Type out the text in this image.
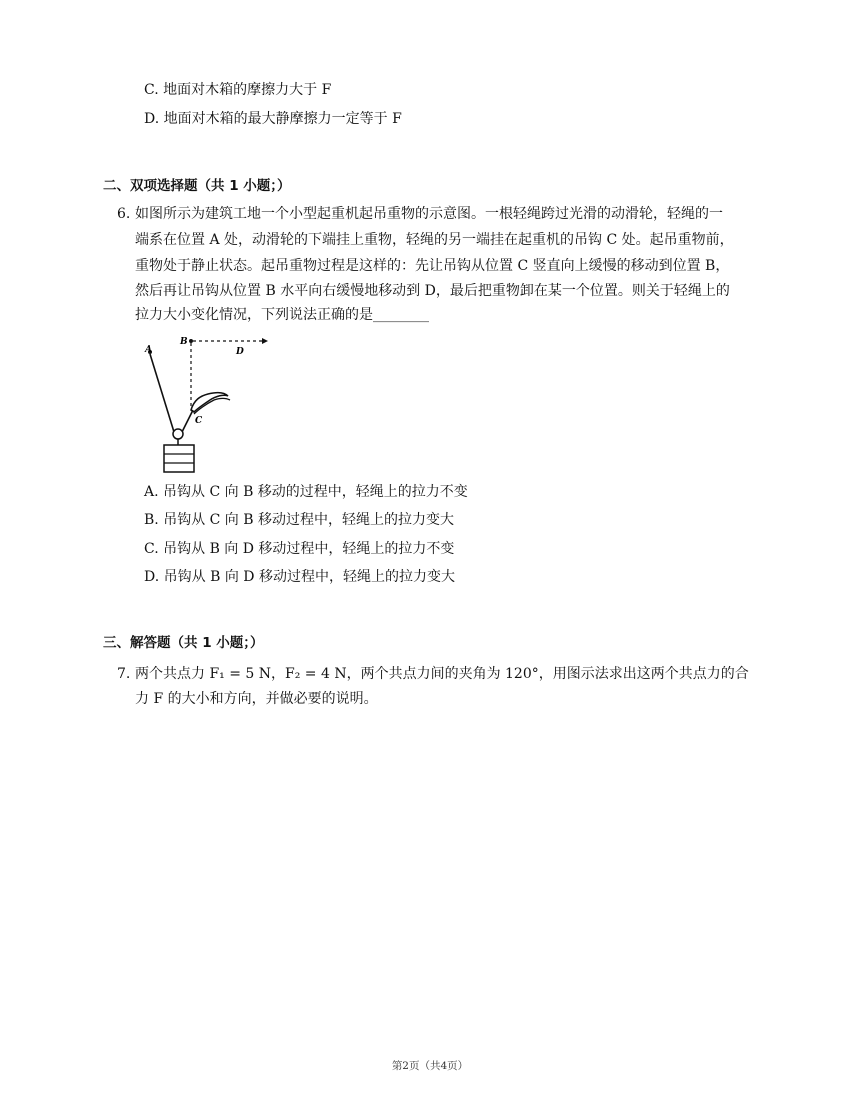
C. 地面对木箱的摩擦力大于 F
D. 地面对木箱的最大静摩擦力一定等于 F
二、双项选择题（共 1 小题；）
6. 如图所示为建筑工地一个小型起重机起吊重物的示意图。一根轻绳跨过光滑的动滑轮，轻绳的一
端系在位置 A 处，动滑轮的下端挂上重物，轻绳的另一端挂在起重机的吊钩 C 处。起吊重物前，
重物处于静止状态。起吊重物过程是这样的：先让吊钩从位置 C 竖直向上缓慢的移动到位置 B，
然后再让吊钩从位置 B 水平向右缓慢地移动到 D，最后把重物卸在某一个位置。则关于轻绳上的
拉力大小变化情况，下列说法正确的是________
A
B
D
C
A. 吊钩从 C 向 B 移动的过程中，轻绳上的拉力不变
B. 吊钩从 C 向 B 移动过程中，轻绳上的拉力变大
C. 吊钩从 B 向 D 移动过程中，轻绳上的拉力不变
D. 吊钩从 B 向 D 移动过程中，轻绳上的拉力变大
三、解答题（共 1 小题；）
7. 两个共点力 F₁ = 5 N，F₂ = 4 N，两个共点力间的夹角为 120°，用图示法求出这两个共点力的合
力 F 的大小和方向，并做必要的说明。
第2页（共4页）
